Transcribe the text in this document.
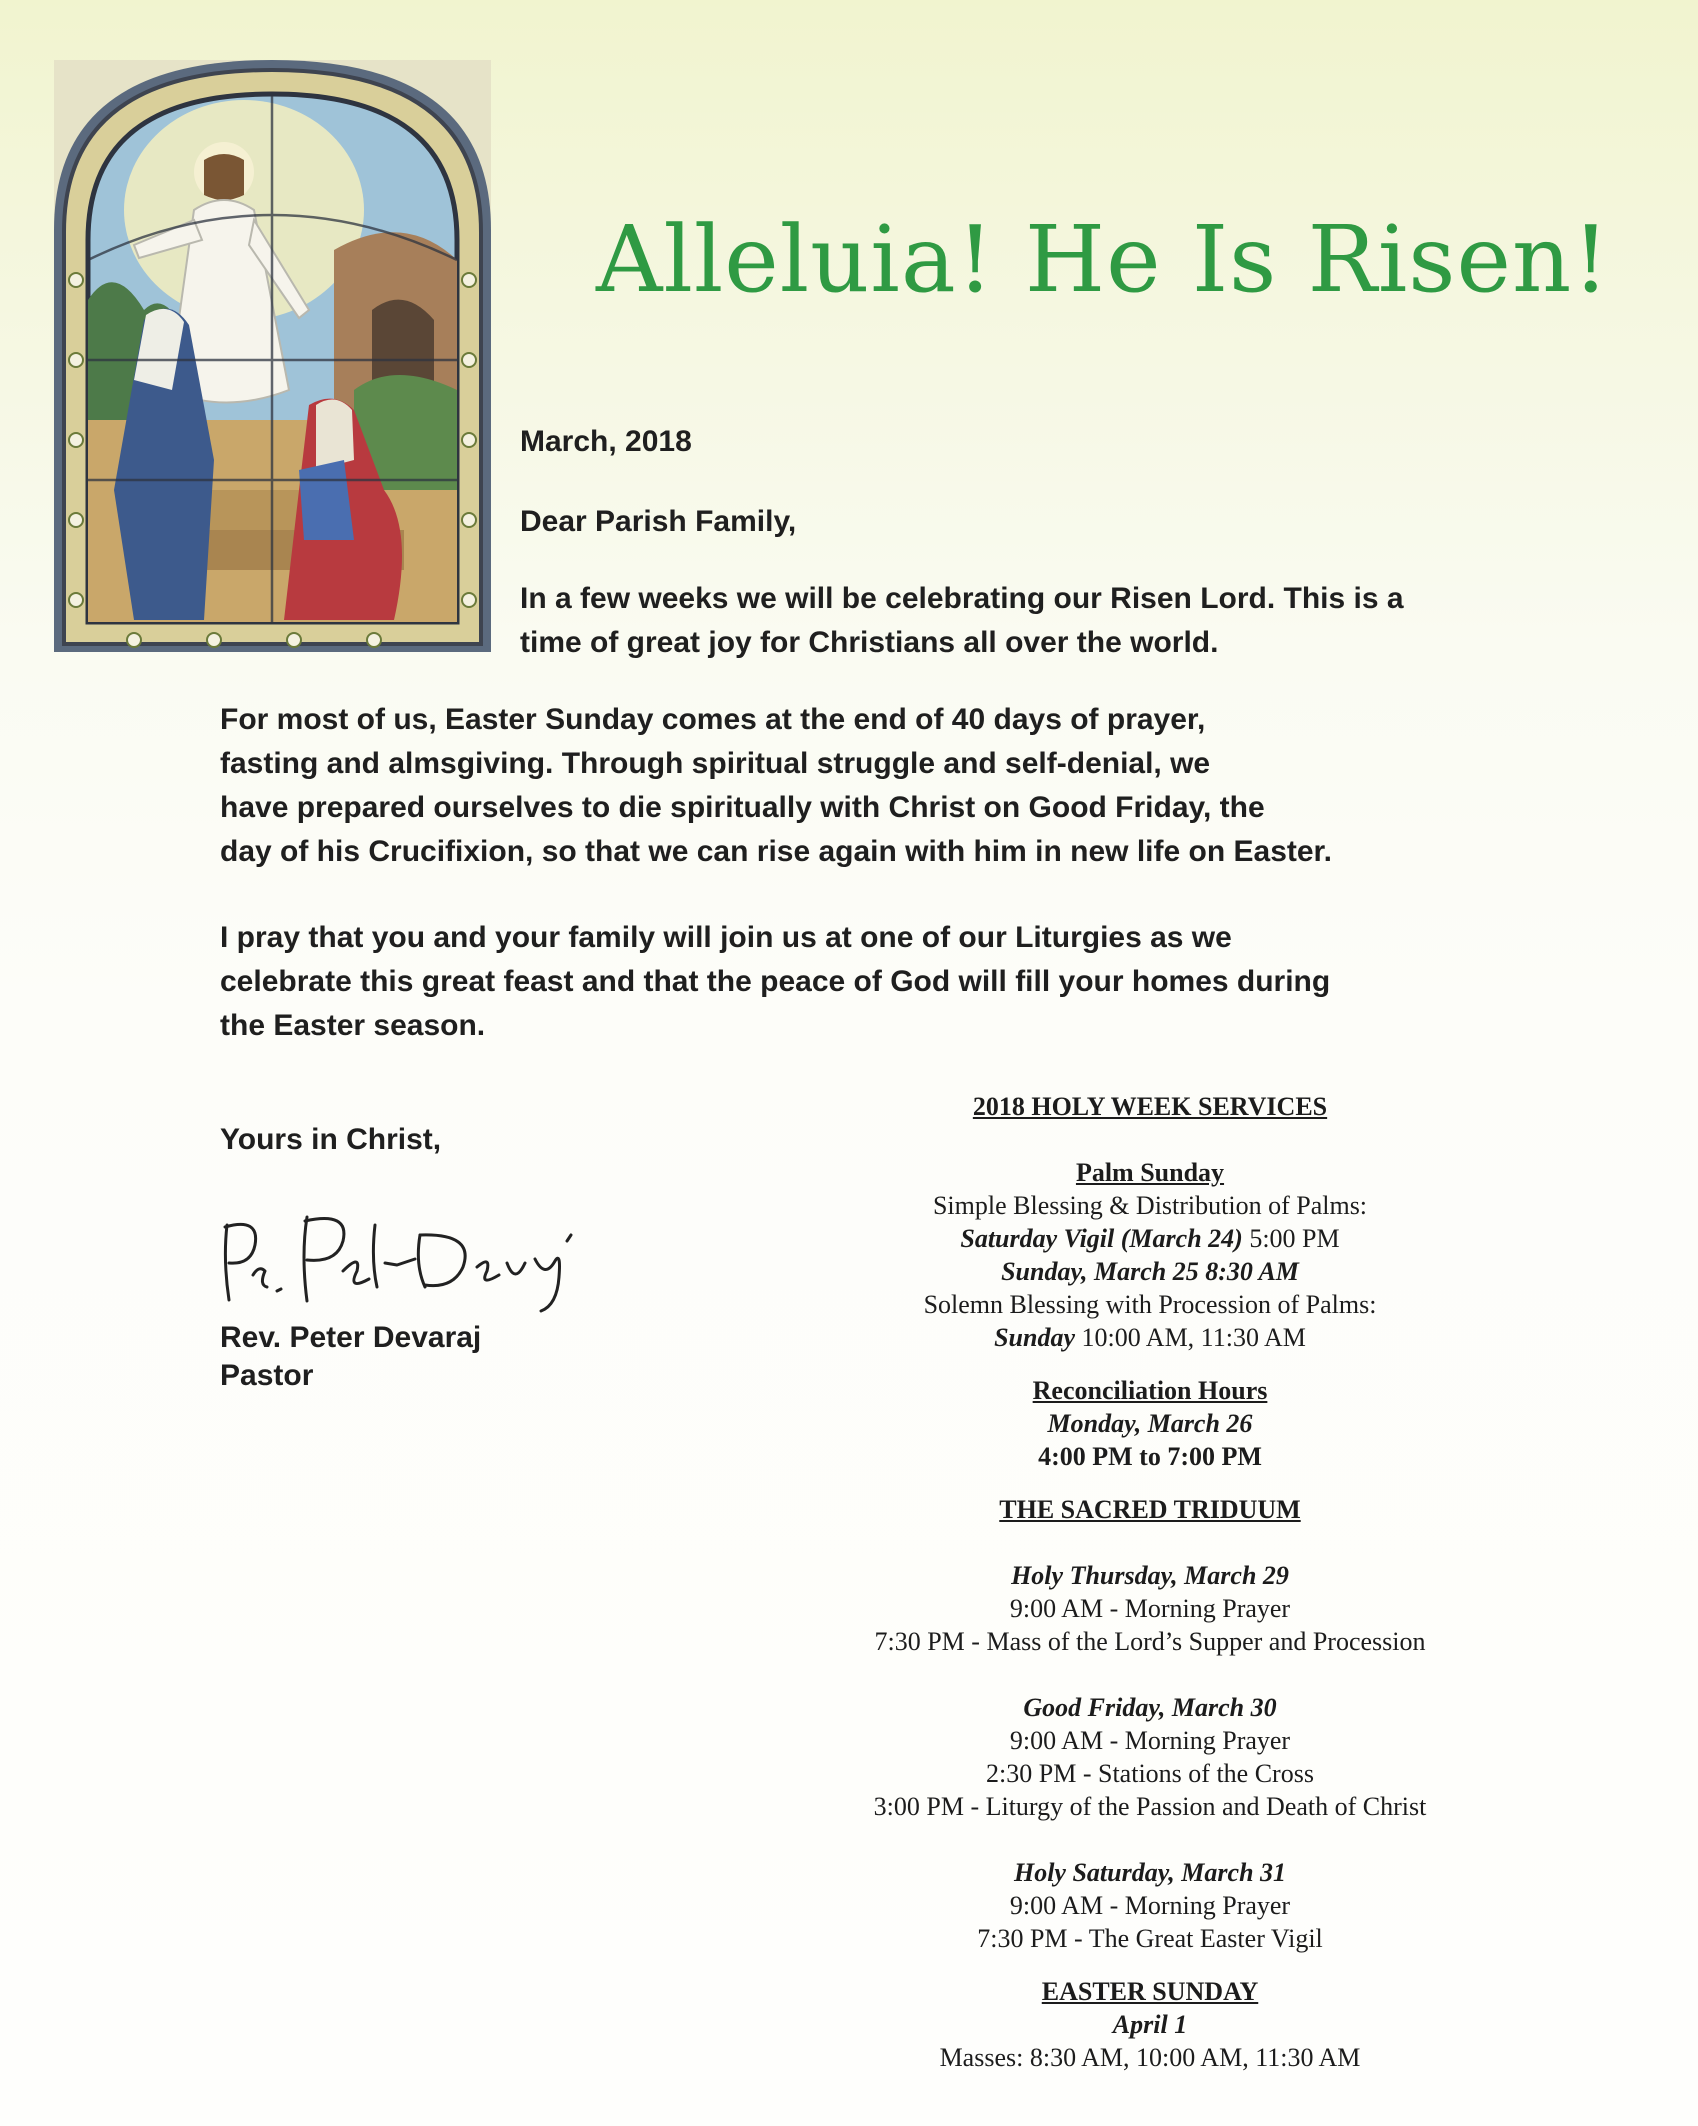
Alleluia! He Is Risen!
March, 2018
Dear Parish Family,

In a few weeks we will be celebrating our Risen Lord. This is a

time of great joy for Christians all over the world.

For most of us, Easter Sunday comes at the end of 40 days of prayer,

fasting and almsgiving. Through spiritual struggle and self-denial, we

have prepared ourselves to die spiritually with Christ on Good Friday, the

day of his Crucifixion, so that we can rise again with him in new life on Easter.

I pray that you and your family will join us at one of our Liturgies as we

celebrate this great feast and that the peace of God will fill your homes during

the Easter season.

Yours in Christ,
Rev. Peter Devaraj
Pastor
2018 HOLY WEEK SERVICES
Palm Sunday
Simple Blessing & Distribution of Palms:
Saturday Vigil (March 24) 5:00 PM
Sunday, March 25 8:30 AM
Solemn Blessing with Procession of Palms:
Sunday 10:00 AM, 11:30 AM
Reconciliation Hours
Monday, March 26
4:00 PM to 7:00 PM
THE SACRED TRIDUUM
Holy Thursday, March 29
9:00 AM - Morning Prayer
7:30 PM - Mass of the Lord’s Supper and Procession
Good Friday, March 30
9:00 AM - Morning Prayer
2:30 PM - Stations of the Cross
3:00 PM - Liturgy of the Passion and Death of Christ
Holy Saturday, March 31
9:00 AM - Morning Prayer
7:30 PM - The Great Easter Vigil
EASTER SUNDAY
April 1
Masses: 8:30 AM, 10:00 AM, 11:30 AM
